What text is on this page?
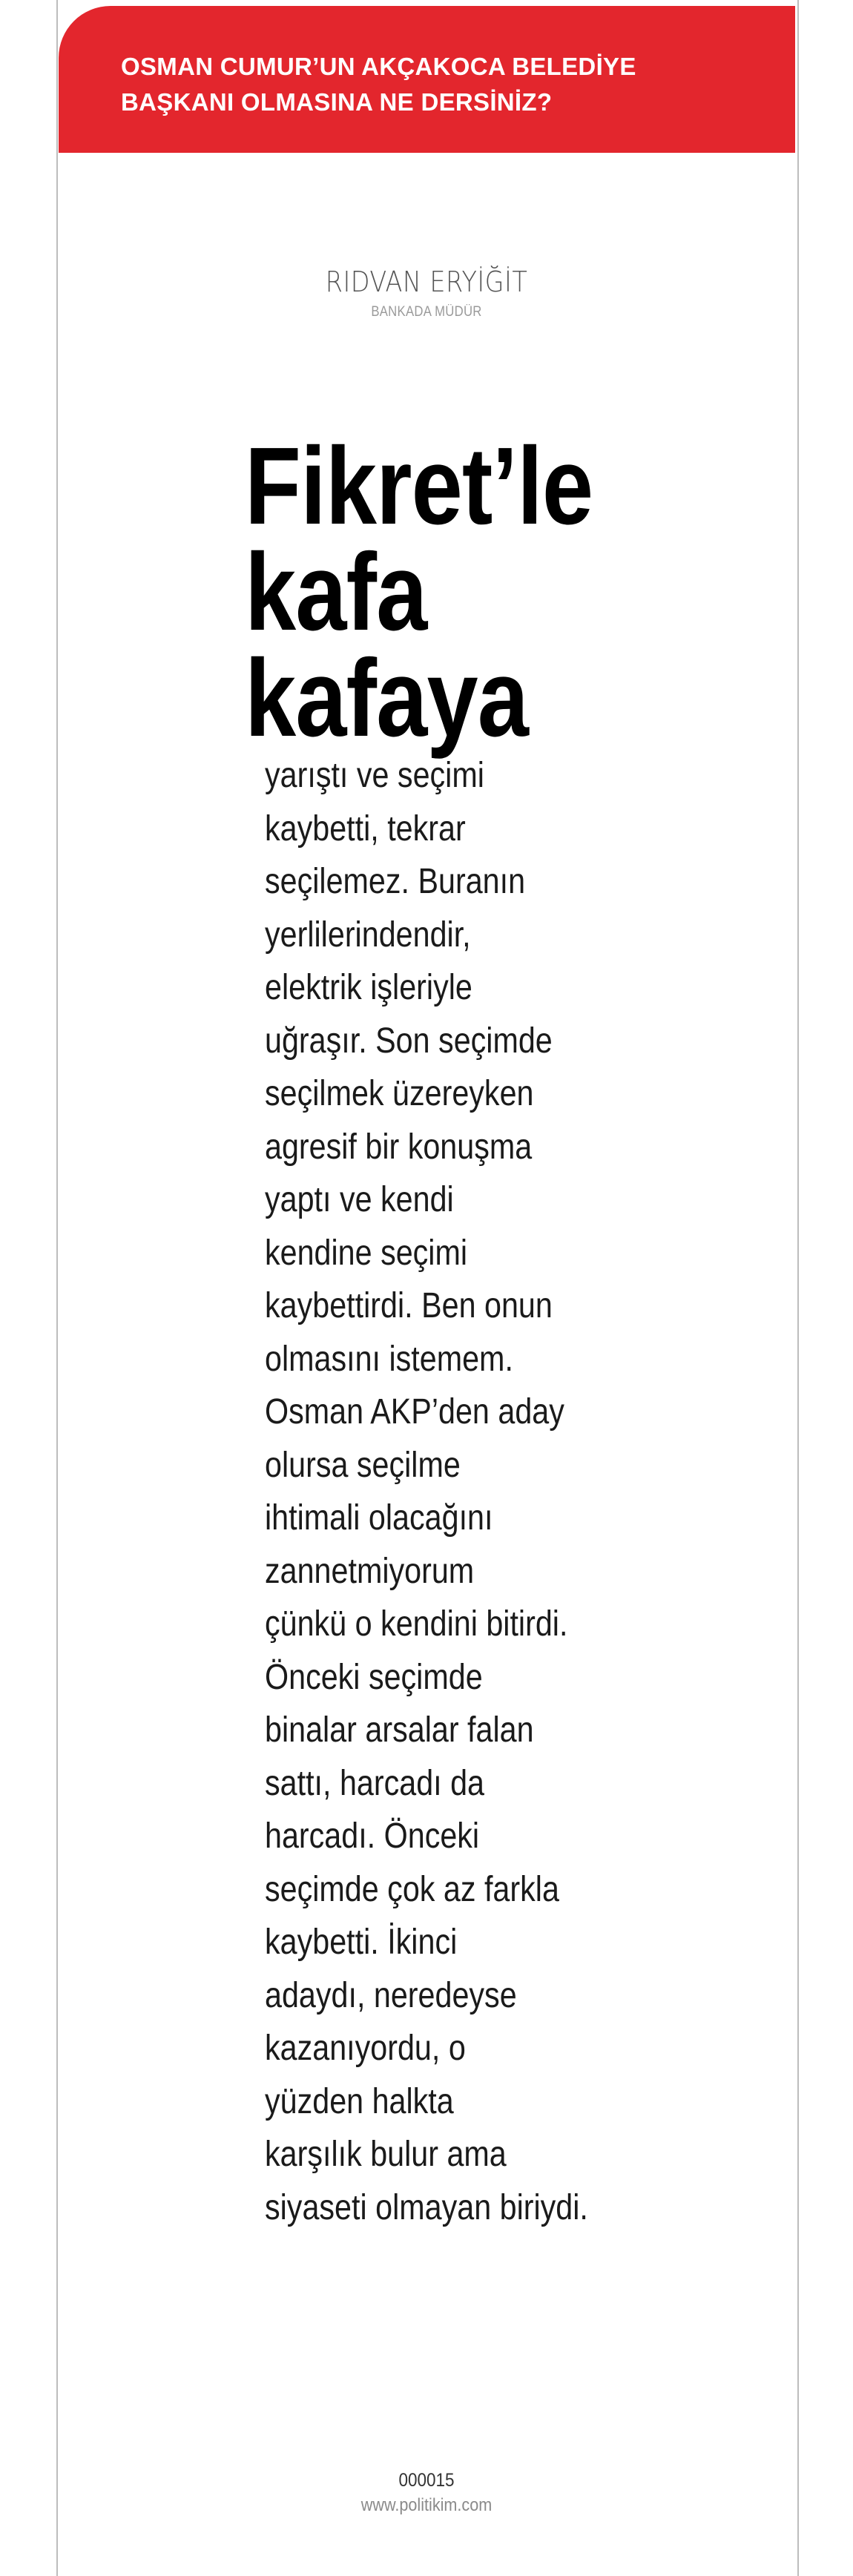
OSMAN CUMUR’UN AKÇAKOCA BELEDİYE BAŞKANI OLMASINA NE DERSİNİZ?
RIDVAN ERYİĞİT
BANKADA MÜDÜR
Fikret’le
kafa
kafaya

yarıştı ve seçimi
kaybetti, tekrar
seçilemez. Buranın
yerlilerindendir,
elektrik işleriyle
uğraşır. Son seçimde
seçilmek üzereyken
agresif bir konuşma
yaptı ve kendi
kendine seçimi
kaybettirdi. Ben onun
olmasını istemem.
Osman AKP’den aday
olursa seçilme
ihtimali olacağını
zannetmiyorum
çünkü o kendini bitirdi.
Önceki seçimde
binalar arsalar falan
sattı, harcadı da
harcadı. Önceki
seçimde çok az farkla
kaybetti. İkinci
adaydı, neredeyse
kazanıyordu, o
yüzden halkta
karşılık bulur ama
siyaseti olmayan biriydi.

000015
www.politikim.com
